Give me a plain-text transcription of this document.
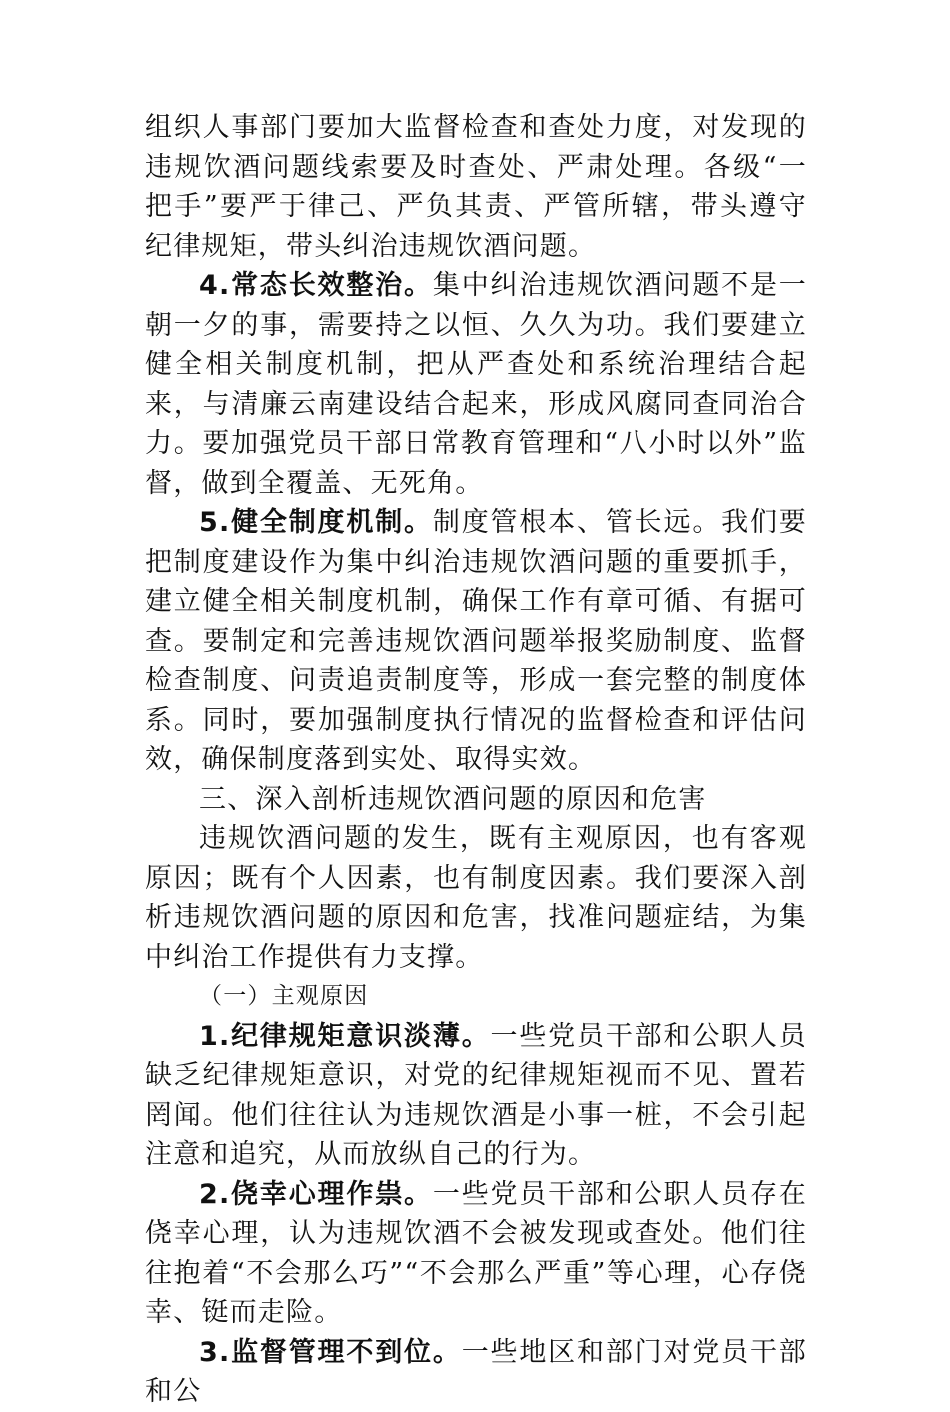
组织人事部门要加大监督检查和查处力度，对发现的违规饮酒问题线索要及时查处、严肃处理。各级“一把手”要严于律己、严负其责、严管所辖，带头遵守纪律规矩，带头纠治违规饮酒问题。

4.常态长效整治。集中纠治违规饮酒问题不是一朝一夕的事，需要持之以恒、久久为功。我们要建立健全相关制度机制，把从严查处和系统治理结合起来，与清廉云南建设结合起来，形成风腐同查同治合力。要加强党员干部日常教育管理和“八小时以外”监督，做到全覆盖、无死角。

5.健全制度机制。制度管根本、管长远。我们要把制度建设作为集中纠治违规饮酒问题的重要抓手，建立健全相关制度机制，确保工作有章可循、有据可查。要制定和完善违规饮酒问题举报奖励制度、监督检查制度、问责追责制度等，形成一套完整的制度体系。同时，要加强制度执行情况的监督检查和评估问效，确保制度落到实处、取得实效。

三、深入剖析违规饮酒问题的原因和危害

违规饮酒问题的发生，既有主观原因，也有客观原因；既有个人因素，也有制度因素。我们要深入剖析违规饮酒问题的原因和危害，找准问题症结，为集中纠治工作提供有力支撑。

（一）主观原因

1.纪律规矩意识淡薄。一些党员干部和公职人员缺乏纪律规矩意识，对党的纪律规矩视而不见、置若罔闻。他们往往认为违规饮酒是小事一桩，不会引起注意和追究，从而放纵自己的行为。

2.侥幸心理作祟。一些党员干部和公职人员存在侥幸心理，认为违规饮酒不会被发现或查处。他们往往抱着“不会那么巧”“不会那么严重”等心理，心存侥幸、铤而走险。

3.监督管理不到位。一些地区和部门对党员干部和公
